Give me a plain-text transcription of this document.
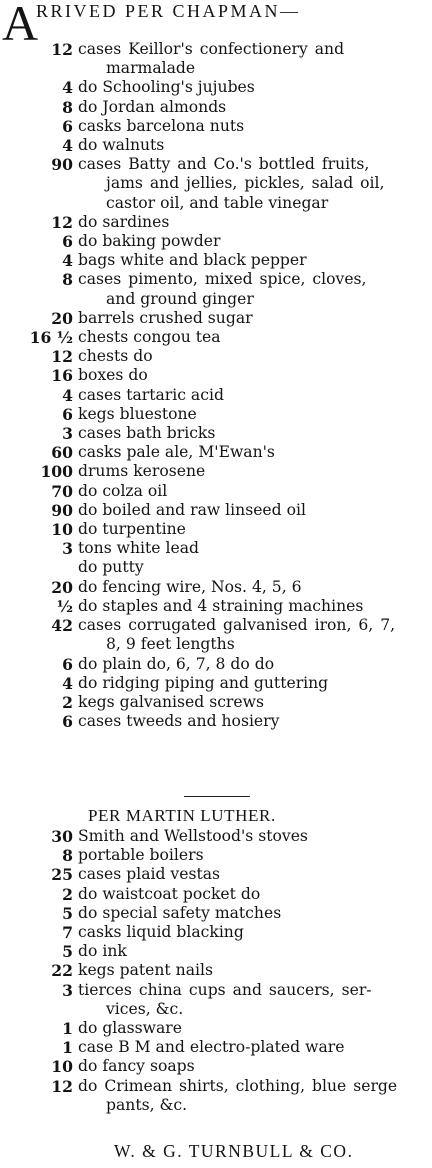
A
RRIVED PER CHAPMAN—
12 cases Keillor's confectionery and
marmalade
4 do Schooling's jujubes
8 do Jordan almonds
6 casks barcelona nuts
4 do walnuts
90 cases Batty and Co.'s bottled fruits,
jams and jellies, pickles, salad oil,
castor oil, and table vinegar
12 do sardines
6 do baking powder
4 bags white and black pepper
8 cases pimento, mixed spice, cloves,
and ground ginger
20 barrels crushed sugar
16 ½ chests congou tea
12 chests do
16 boxes do
4 cases tartaric acid
6 kegs bluestone
3 cases bath bricks
60 casks pale ale, M'Ewan's
100 drums kerosene
70 do colza oil
90 do boiled and raw linseed oil
10 do turpentine
3 tons white lead
do putty
20 do fencing wire, Nos. 4, 5, 6
½ do staples and 4 straining machines
42 cases corrugated galvanised iron, 6, 7,
8, 9 feet lengths
6 do plain do, 6, 7, 8 do do
4 do ridging piping and guttering
2 kegs galvanised screws
6 cases tweeds and hosiery
PER MARTIN LUTHER.
30 Smith and Wellstood's stoves
8 portable boilers
25 cases plaid vestas
2 do waistcoat pocket do
5 do special safety matches
7 casks liquid blacking
5 do ink
22 kegs patent nails
3 tierces china cups and saucers, ser-
vices, &c.
1 do glassware
1 case B M and electro-plated ware
10 do fancy soaps
12 do Crimean shirts, clothing, blue serge
pants, &c.
W. & G. TURNBULL & CO.
